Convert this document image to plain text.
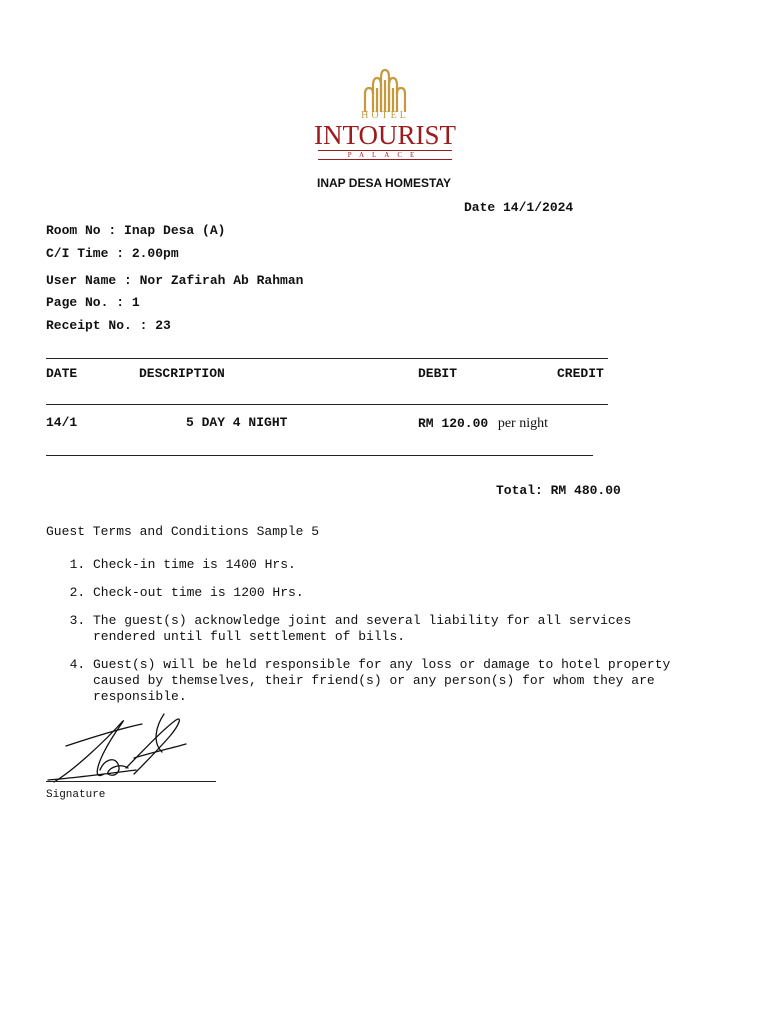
HOTEL
INTOURIST
PALACE
INAP DESA HOMESTAY
Date 14/1/2024
Room No : Inap Desa (A)
C/I Time : 2.00pm
User Name : Nor Zafirah Ab Rahman
Page No. : 1
Receipt No. : 23
DATE	DESCRIPTION	DEBIT	CREDIT
14/1	5 DAY 4 NIGHT	RM 120.00 per night
Total: RM 480.00
Guest Terms and Conditions Sample 5
1. Check-in time is 1400 Hrs.
2. Check-out time is 1200 Hrs.
3. The guest(s) acknowledge joint and several liability for all services rendered until full settlement of bills.
4. Guest(s) will be held responsible for any loss or damage to hotel property caused by themselves, their friend(s) or any person(s) for whom they are responsible.
Signature
